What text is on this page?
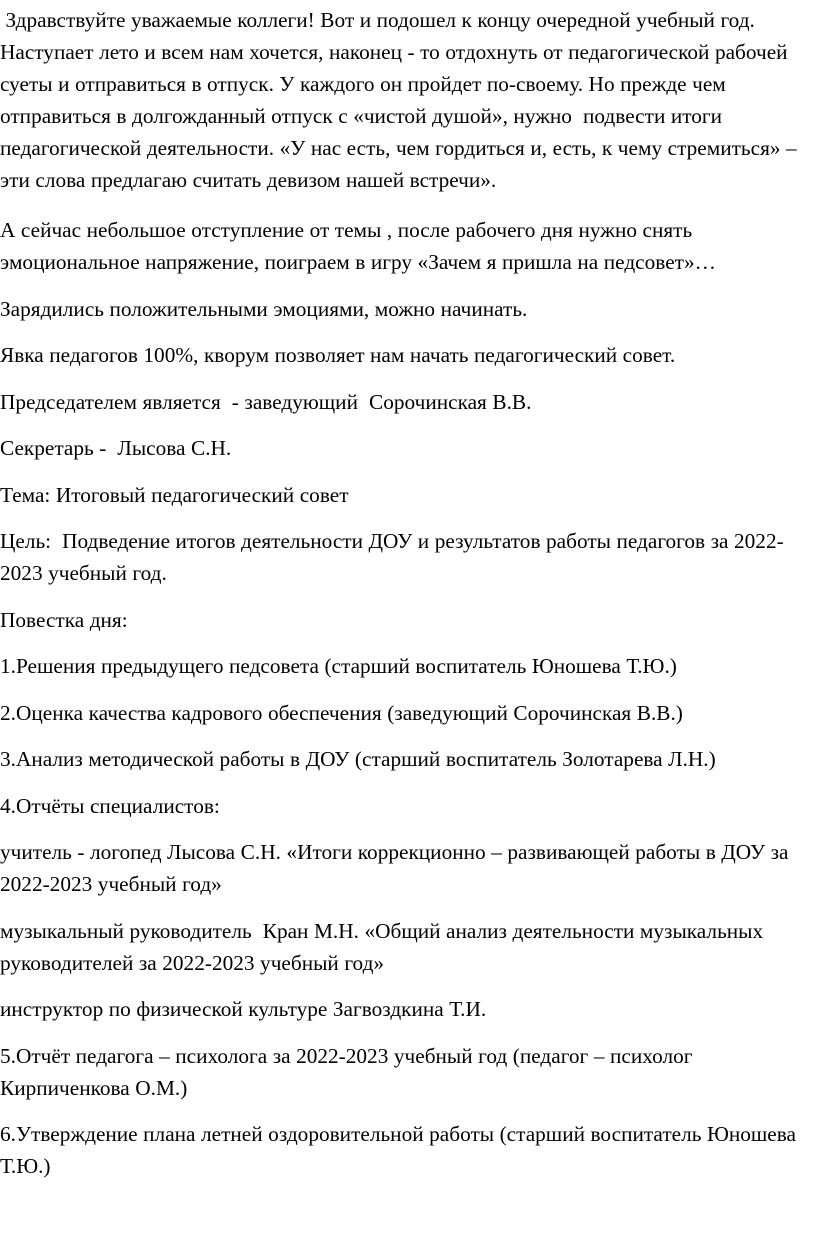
Здравствуйте уважаемые коллеги! Вот и подошел к концу очередной учебный год. Наступает лето и всем нам хочется, наконец - то отдохнуть от педагогической рабочей суеты и отправиться в отпуск. У каждого он пройдет по-своему. Но прежде чем отправиться в долгожданный отпуск с «чистой душой», нужно  подвести итоги педагогической деятельности. «У нас есть, чем гордиться и, есть, к чему стремиться» – эти слова предлагаю считать девизом нашей встречи».

А сейчас небольшое отступление от темы , после рабочего дня нужно снять эмоциональное напряжение, поиграем в игру «Зачем я пришла на педсовет»…

Зарядились положительными эмоциями, можно начинать.

Явка педагогов 100%, кворум позволяет нам начать педагогический совет.

Председателем является  - заведующий  Сорочинская В.В.

Секретарь -  Лысова С.Н.

Тема: Итоговый педагогический совет

Цель:  Подведение итогов деятельности ДОУ и результатов работы педагогов за 2022-2023 учебный год.

Повестка дня:

1.Решения предыдущего педсовета (старший воспитатель Юношева Т.Ю.)

2.Оценка качества кадрового обеспечения (заведующий Сорочинская В.В.)

3.Анализ методической работы в ДОУ (старший воспитатель Золотарева Л.Н.)

4.Отчёты специалистов:

учитель - логопед Лысова С.Н. «Итоги коррекционно – развивающей работы в ДОУ за 2022-2023 учебный год»

музыкальный руководитель  Кран М.Н. «Общий анализ деятельности музыкальных руководителей за 2022-2023 учебный год»

инструктор по физической культуре Загвоздкина Т.И.

5.Отчёт педагога – психолога за 2022-2023 учебный год (педагог – психолог Кирпиченкова О.М.)

6.Утверждение плана летней оздоровительной работы (старший воспитатель Юношева Т.Ю.)
